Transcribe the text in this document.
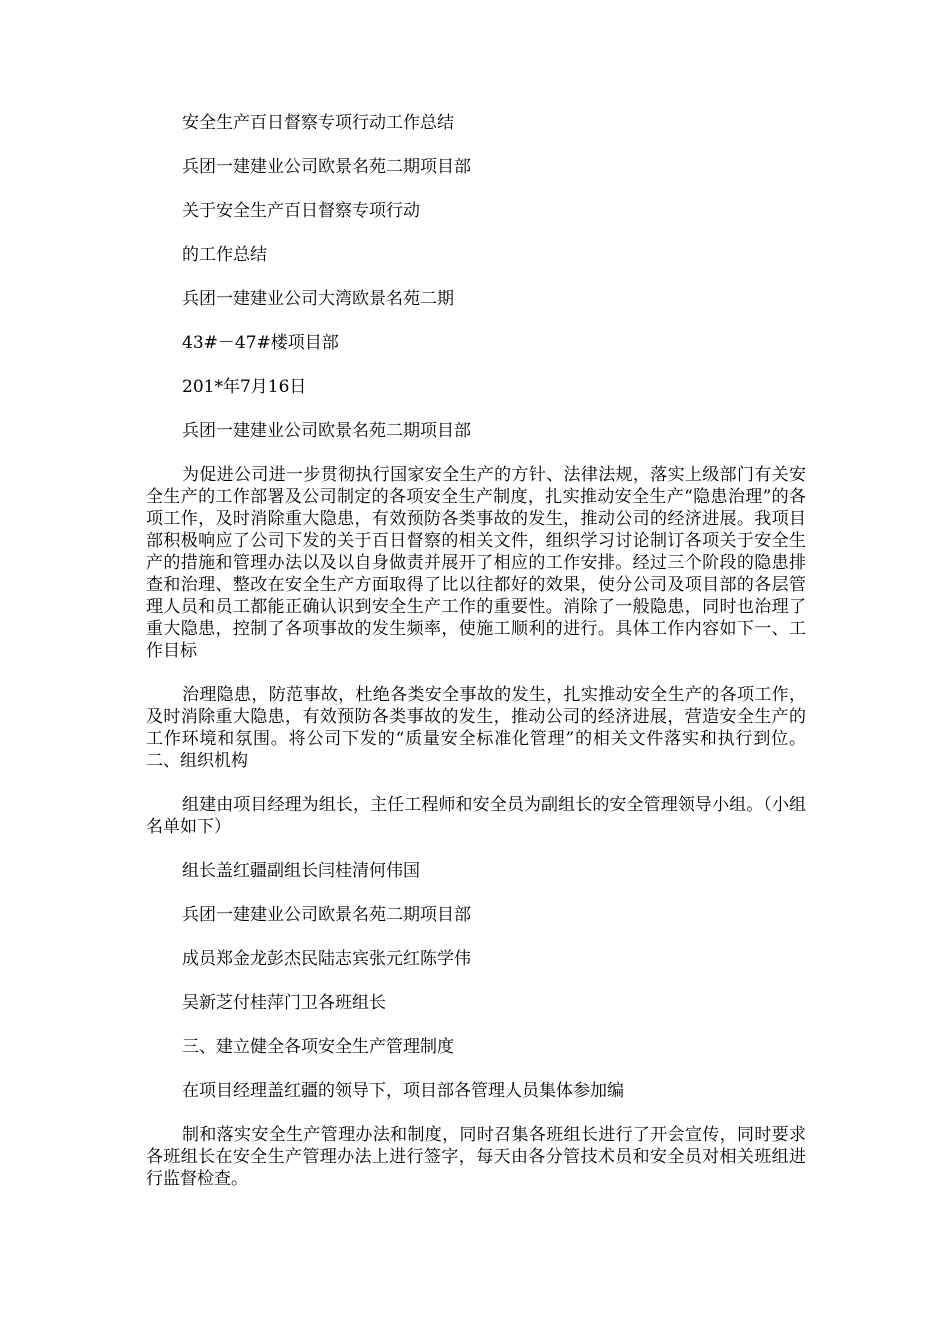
安全生产百日督察专项行动工作总结

兵团一建建业公司欧景名苑二期项目部

关于安全生产百日督察专项行动

的工作总结

兵团一建建业公司大湾欧景名苑二期

43#－47#楼项目部

201*年7月16日

兵团一建建业公司欧景名苑二期项目部

为促进公司进一步贯彻执行国家安全生产的方针、法律法规，落实上级部门有关安全生产的工作部署及公司制定的各项安全生产制度，扎实推动安全生产“隐患治理”的各项工作，及时消除重大隐患，有效预防各类事故的发生，推动公司的经济进展。我项目部积极响应了公司下发的关于百日督察的相关文件，组织学习讨论制订各项关于安全生产的措施和管理办法以及以自身做责并展开了相应的工作安排。经过三个阶段的隐患排查和治理、整改在安全生产方面取得了比以往都好的效果，使分公司及项目部的各层管理人员和员工都能正确认识到安全生产工作的重要性。消除了一般隐患，同时也治理了重大隐患，控制了各项事故的发生频率，使施工顺利的进行。具体工作内容如下一、工作目标

治理隐患，防范事故，杜绝各类安全事故的发生，扎实推动安全生产的各项工作，及时消除重大隐患，有效预防各类事故的发生，推动公司的经济进展，营造安全生产的工作环境和氛围。将公司下发的“质量安全标准化管理”的相关文件落实和执行到位。二、组织机构

组建由项目经理为组长，主任工程师和安全员为副组长的安全管理领导小组。（小组名单如下）

组长盖红疆副组长闫桂清何伟国

兵团一建建业公司欧景名苑二期项目部

成员郑金龙彭杰民陆志宾张元红陈学伟

吴新芝付桂萍门卫各班组长

三、建立健全各项安全生产管理制度

在项目经理盖红疆的领导下，项目部各管理人员集体参加编

制和落实安全生产管理办法和制度，同时召集各班组长进行了开会宣传，同时要求各班组长在安全生产管理办法上进行签字，每天由各分管技术员和安全员对相关班组进行监督检查。
